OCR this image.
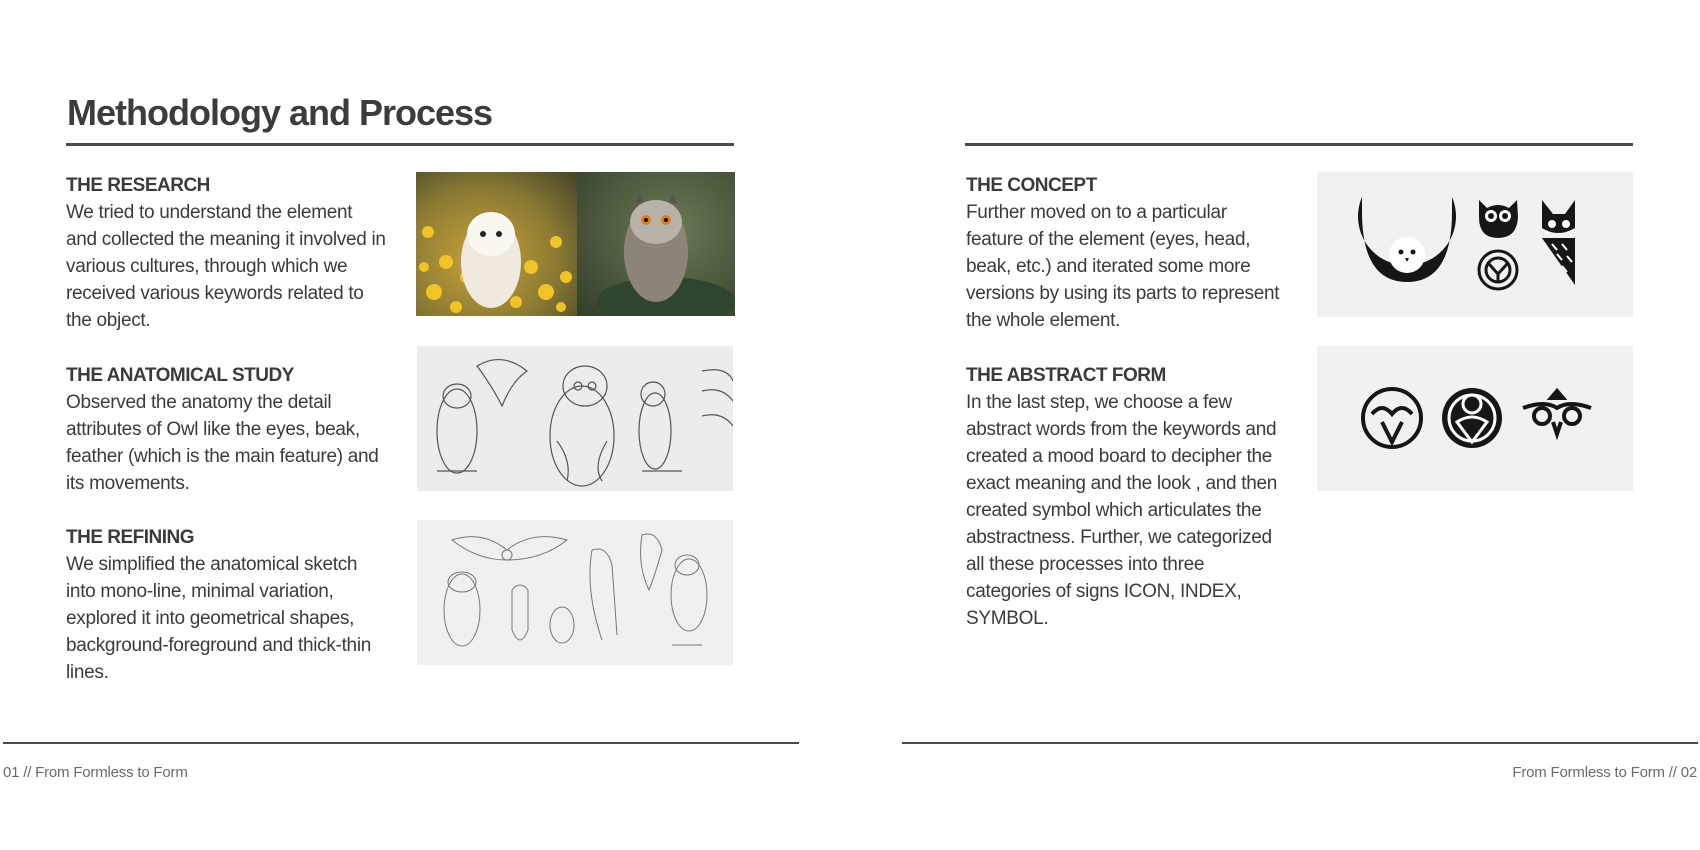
Methodology and Process
THE RESEARCH

We tried to understand the element and collected the meaning it involved in various cultures, through which we received various keywords related to the object.

THE ANATOMICAL STUDY

Observed the anatomy the detail attributes of Owl like the eyes, beak, feather (which is the main feature) and its movements.

THE REFINING

We simplified the anatomical sketch into mono-line, minimal variation, explored it into geometrical shapes, background-foreground and thick-thin lines.

01 // From Formless to Form
THE CONCEPT

Further moved on to a particular feature of the element (eyes, head, beak, etc.) and iterated some more versions by using its parts to represent the whole element.

THE ABSTRACT FORM

In the last step, we choose a few abstract words from the keywords and created a mood board to decipher the exact meaning and the look , and then created symbol which articulates the abstractness. Further, we categorized all these processes into three categories of signs ICON, INDEX, SYMBOL.

From Formless to Form // 02
